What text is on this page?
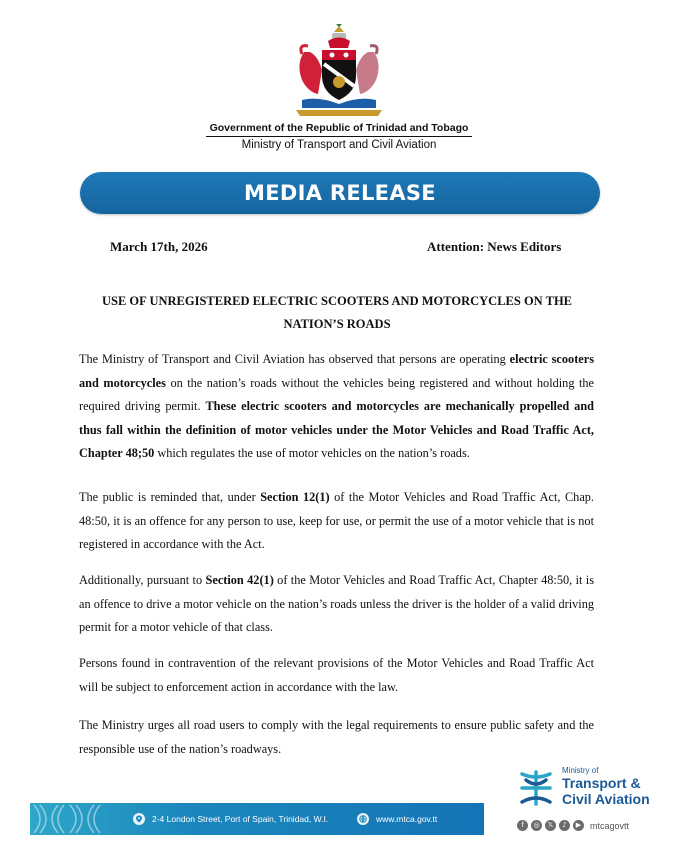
Government of the Republic of Trinidad and Tobago
Ministry of Transport and Civil Aviation
MEDIA RELEASE
March 17th, 2026	Attention: News Editors
USE OF UNREGISTERED ELECTRIC SCOOTERS AND MOTORCYCLES ON THE NATION’S ROADS

The Ministry of Transport and Civil Aviation has observed that persons are operating electric scooters and motorcycles on the nation’s roads without the vehicles being registered and without holding the required driving permit. These electric scooters and motorcycles are mechanically propelled and thus fall within the definition of motor vehicles under the Motor Vehicles and Road Traffic Act, Chapter 48;50 which regulates the use of motor vehicles on the nation’s roads.

The public is reminded that, under Section 12(1) of the Motor Vehicles and Road Traffic Act, Chap. 48:50, it is an offence for any person to use, keep for use, or permit the use of a motor vehicle that is not registered in accordance with the Act.

Additionally, pursuant to Section 42(1) of the Motor Vehicles and Road Traffic Act, Chapter 48:50, it is an offence to drive a motor vehicle on the nation’s roads unless the driver is the holder of a valid driving permit for a motor vehicle of that class.

Persons found in contravention of the relevant provisions of the Motor Vehicles and Road Traffic Act will be subject to enforcement action in accordance with the law.

The Ministry urges all road users to comply with the legal requirements to ensure public safety and the responsible use of the nation’s roadways.

2-4 London Street, Port of Spain, Trinidad, W.I.	www.mtca.gov.tt
Ministry of
Transport &
Civil Aviation
f	◎	𝕏	♪	▶ mtcagovtt
